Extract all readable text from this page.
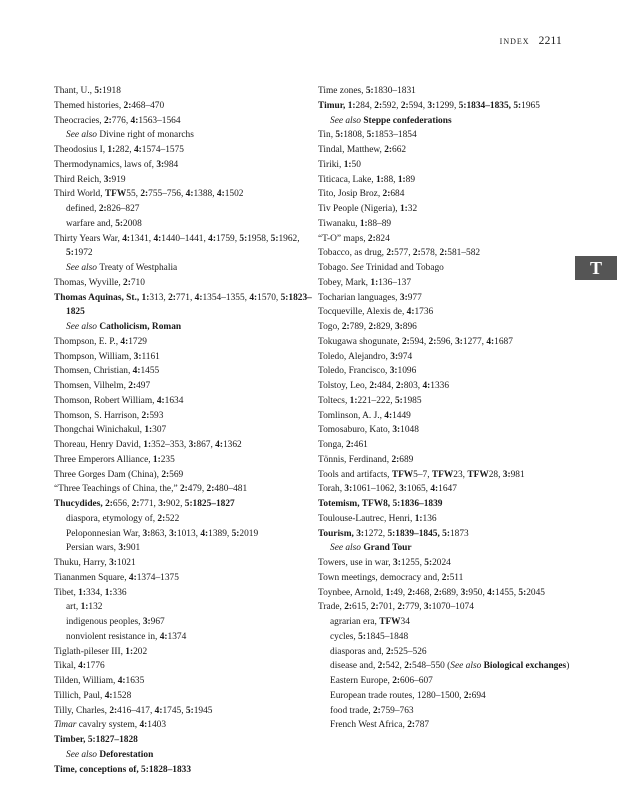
index 2211
Thant, U., 5:1918
Themed histories, 2:468–470
Theocracies, 2:776, 4:1563–1564
See also Divine right of monarchs
Theodosius I, 1:282, 4:1574–1575
Thermodynamics, laws of, 3:984
Third Reich, 3:919
Third World, TFW55, 2:755–756, 4:1388, 4:1502
defined, 2:826–827
warfare and, 5:2008
Thirty Years War, 4:1341, 4:1440–1441, 4:1759, 5:1958, 5:1962, 5:1972
See also Treaty of Westphalia
Thomas, Wyville, 2:710
Thomas Aquinas, St., 1:313, 2:771, 4:1354–1355, 4:1570, 5:1823–1825
See also Catholicism, Roman
Thompson, E. P., 4:1729
Thompson, William, 3:1161
Thomsen, Christian, 4:1455
Thomsen, Vilhelm, 2:497
Thomson, Robert William, 4:1634
Thomson, S. Harrison, 2:593
Thongchai Winichakul, 1:307
Thoreau, Henry David, 1:352–353, 3:867, 4:1362
Three Emperors Alliance, 1:235
Three Gorges Dam (China), 2:569
“Three Teachings of China, the,” 2:479, 2:480–481
Thucydides, 2:656, 2:771, 3:902, 5:1825–1827
diaspora, etymology of, 2:522
Peloponnesian War, 3:863, 3:1013, 4:1389, 5:2019
Persian wars, 3:901
Thuku, Harry, 3:1021
Tiananmen Square, 4:1374–1375
Tibet, 1:334, 1:336
art, 1:132
indigenous peoples, 3:967
nonviolent resistance in, 4:1374
Tiglath-pileser III, 1:202
Tikal, 4:1776
Tilden, William, 4:1635
Tillich, Paul, 4:1528
Tilly, Charles, 2:416–417, 4:1745, 5:1945
Timar cavalry system, 4:1403
Timber, 5:1827–1828
See also Deforestation
Time, conceptions of, 5:1828–1833
Time zones, 5:1830–1831
Timur, 1:284, 2:592, 2:594, 3:1299, 5:1834–1835, 5:1965
See also Steppe confederations
Tin, 5:1808, 5:1853–1854
Tindal, Matthew, 2:662
Tiriki, 1:50
Titicaca, Lake, 1:88, 1:89
Tito, Josip Broz, 2:684
Tiv People (Nigeria), 1:32
Tiwanaku, 1:88–89
“T-O” maps, 2:824
Tobacco, as drug, 2:577, 2:578, 2:581–582
Tobago. See Trinidad and Tobago
Tobey, Mark, 1:136–137
Tocharian languages, 3:977
Tocqueville, Alexis de, 4:1736
Togo, 2:789, 2:829, 3:896
Tokugawa shogunate, 2:594, 2:596, 3:1277, 4:1687
Toledo, Alejandro, 3:974
Toledo, Francisco, 3:1096
Tolstoy, Leo, 2:484, 2:803, 4:1336
Toltecs, 1:221–222, 5:1985
Tomlinson, A. J., 4:1449
Tomosaburo, Kato, 3:1048
Tonga, 2:461
Tönnis, Ferdinand, 2:689
Tools and artifacts, TFW5–7, TFW23, TFW28, 3:981
Torah, 3:1061–1062, 3:1065, 4:1647
Totemism, TFW8, 5:1836–1839
Toulouse-Lautrec, Henri, 1:136
Tourism, 3:1272, 5:1839–1845, 5:1873
See also Grand Tour
Towers, use in war, 3:1255, 5:2024
Town meetings, democracy and, 2:511
Toynbee, Arnold, 1:49, 2:468, 2:689, 3:950, 4:1455, 5:2045
Trade, 2:615, 2:701, 2:779, 3:1070–1074
agrarian era, TFW34
cycles, 5:1845–1848
diasporas and, 2:525–526
disease and, 2:542, 2:548–550 (See also Biological exchanges)
Eastern Europe, 2:606–607
European trade routes, 1280–1500, 2:694
food trade, 2:759–763
French West Africa, 2:787
T
